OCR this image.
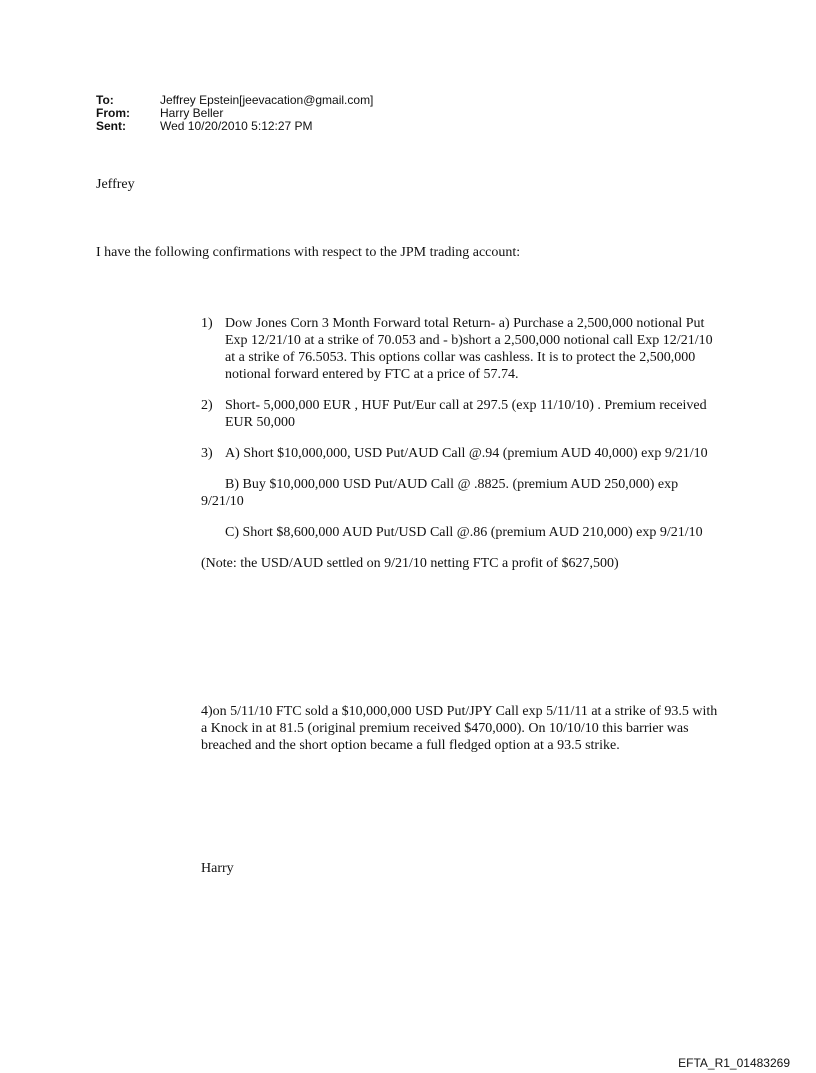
To:	Jeffrey Epstein[jeevacation@gmail.com]
From:	Harry Beller
Sent:	Wed 10/20/2010 5:12:27 PM
Jeffrey
I have the following confirmations with respect to the JPM trading account:
1) Dow Jones Corn 3 Month Forward total Return- a) Purchase a 2,500,000 notional Put Exp 12/21/10 at a strike of 70.053 and - b)short a 2,500,000 notional call Exp 12/21/10 at a strike of 76.5053. This options collar was cashless. It is to protect the 2,500,000 notional forward entered by FTC at a price of 57.74.
2) Short- 5,000,000 EUR , HUF Put/Eur call at 297.5 (exp 11/10/10) . Premium received EUR 50,000
3) A) Short $10,000,000, USD Put/AUD Call @.94 (premium AUD 40,000) exp 9/21/10

B) Buy $10,000,000 USD Put/AUD Call @ .8825. (premium AUD 250,000) exp 9/21/10

C) Short $8,600,000 AUD Put/USD Call @.86 (premium AUD 210,000) exp 9/21/10

(Note: the USD/AUD settled on 9/21/10 netting FTC a profit of $627,500)

4)on 5/11/10 FTC sold a $10,000,000 USD Put/JPY Call exp 5/11/11 at a strike of 93.5 with a Knock in at 81.5 (original premium received $470,000). On 10/10/10 this barrier was breached and the short option became a full fledged option at a 93.5 strike.
Harry
EFTA_R1_01483269
